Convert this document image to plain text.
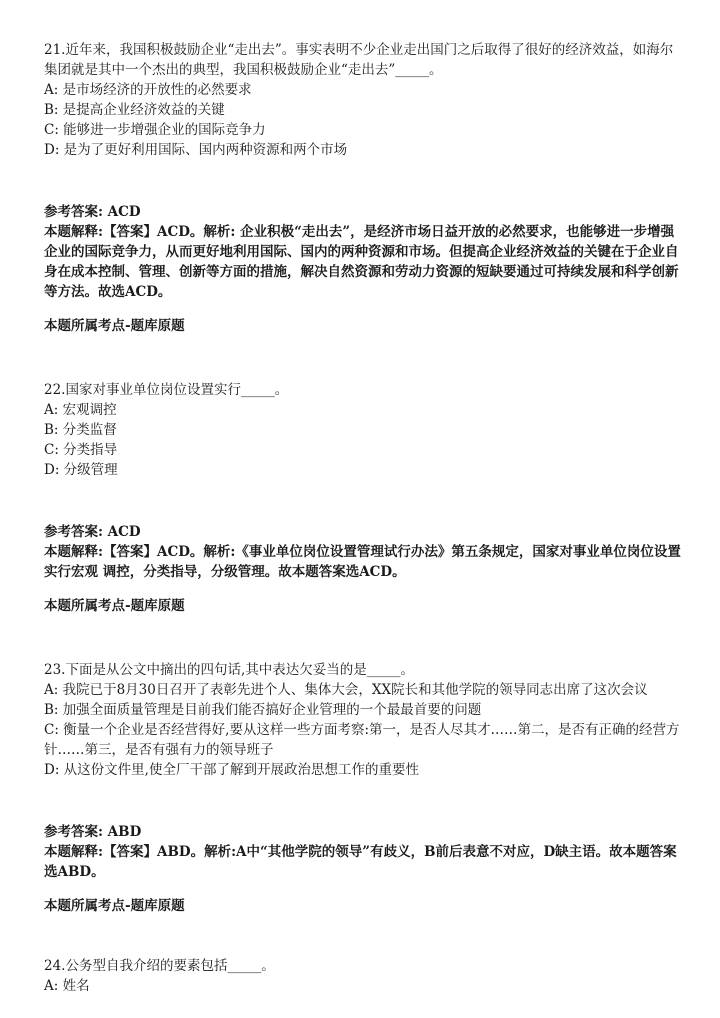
21.近年来，我国积极鼓励企业“走出去”。事实表明不少企业走出国门之后取得了很好的经济效益，如海尔集团就是其中一个杰出的典型，我国积极鼓励企业“走出去”_____。

A: 是市场经济的开放性的必然要求

B: 是提高企业经济效益的关键

C: 能够进一步增强企业的国际竞争力

D: 是为了更好利用国际、国内两种资源和两个市场

参考答案: ACD

本题解释:【答案】ACD。解析: 企业积极“走出去”，是经济市场日益开放的必然要求，也能够进一步增强企业的国际竞争力，从而更好地利用国际、国内的两种资源和市场。但提高企业经济效益的关键在于企业自身在成本控制、管理、创新等方面的措施，解决自然资源和劳动力资源的短缺要通过可持续发展和科学创新等方法。故选ACD。

本题所属考点-题库原题

22.国家对事业单位岗位设置实行_____。

A: 宏观调控

B: 分类监督

C: 分类指导

D: 分级管理

参考答案: ACD

本题解释:【答案】ACD。解析:《事业单位岗位设置管理试行办法》第五条规定，国家对事业单位岗位设置实行宏观 调控，分类指导，分级管理。故本题答案选ACD。

本题所属考点-题库原题

23.下面是从公文中摘出的四句话,其中表达欠妥当的是_____。

A: 我院已于8月30日召开了表彰先进个人、集体大会，XX院长和其他学院的领导同志出席了这次会议

B: 加强全面质量管理是目前我们能否搞好企业管理的一个最最首要的问题

C: 衡量一个企业是否经营得好,要从这样一些方面考察:第一，是否人尽其才……第二，是否有正确的经营方针……第三，是否有强有力的领导班子

D: 从这份文件里,使全厂干部了解到开展政治思想工作的重要性

参考答案: ABD

本题解释:【答案】ABD。解析:A中“其他学院的领导”有歧义，B前后表意不对应，D缺主语。故本题答案选ABD。

本题所属考点-题库原题

24.公务型自我介绍的要素包括_____。

A: 姓名
